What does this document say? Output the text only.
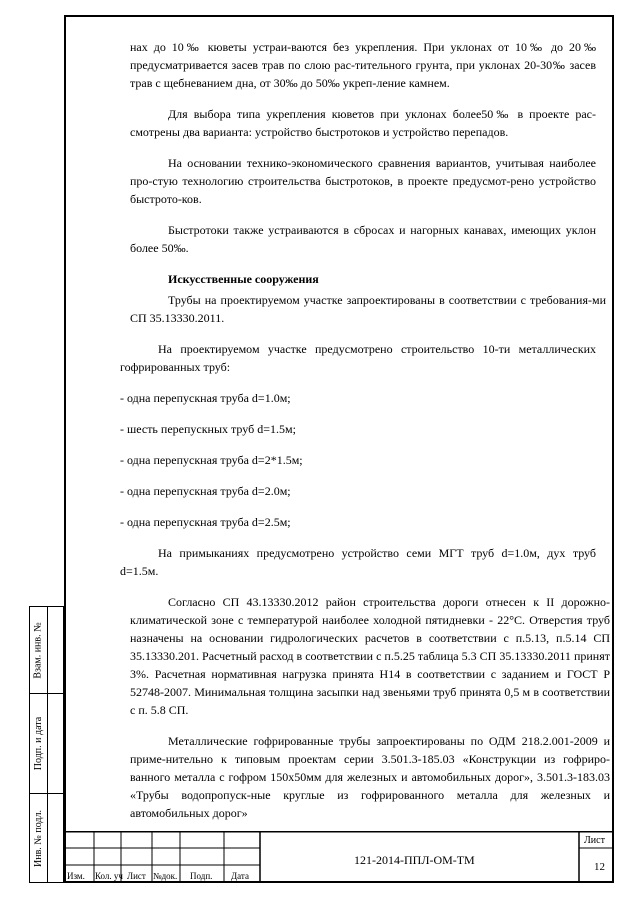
нах до 10‰ кюветы устраи-ваются без укрепления. При уклонах от 10‰ до 20‰ предусматривается засев трав по слою рас-тительного грунта, при уклонах 20-30‰ засев трав с щебневанием дна, от 30‰ до 50‰ укреп-ление камнем.

Для выбора типа укрепления кюветов при уклонах более50‰ в проекте рас-смотрены два варианта: устройство быстротоков и устройство перепадов.

На основании технико-экономического сравнения вариантов, учитывая наиболее про-стую технологию строительства быстротоков, в проекте предусмот-рено устройство быстрото-ков.

Быстротоки также устраиваются в сбросах и нагорных канавах, имеющих уклон более 50‰.

Искусственные сооружения

Трубы на проектируемом участке запроектированы в соответствии с требования-ми СП 35.13330.2011.

На проектируемом участке предусмотрено строительство 10-ти металлических гофрированных труб:

- одна перепускная труба d=1.0м;

- шесть перепускных труб d=1.5м;

- одна перепускная труба d=2*1.5м;

- одна перепускная труба d=2.0м;

- одна перепускная труба d=2.5м;

На примыканиях предусмотрено устройство семи МГТ труб d=1.0м, дух труб d=1.5м.

Согласно СП 43.13330.2012 район строительства дороги отнесен к II дорожно-климатической зоне с температурой наиболее холодной пятидневки - 22°С. Отверстия труб назначены на основании гидрологических расчетов в соответствии с п.5.13, п.5.14 СП 35.13330.201. Расчетный расход в соответствии с п.5.25 таблица 5.3 СП 35.13330.2011 принят 3%. Расчетная нормативная нагрузка принята Н14 в соответствии с заданием и ГОСТ Р 52748-2007. Минимальная толщина засыпки над звеньями труб принята 0,5 м в соответствии с п. 5.8 СП.

Металлические гофрированные трубы запроектированы по ОДМ 218.2.001-2009 и приме-нительно к типовым проектам серии 3.501.3-185.03 «Конструкции из гофриро-ванного металла с гофром 150х50мм для железных и автомобильных дорог», 3.501.3-183.03 «Трубы водопропуск-ные круглые из гофрированного металла для железных и автомобильных дорог»

Взам. инв. №
Подп. и дата
Инв. № подл.
Изм. Кол. уч Лист №док. Подп. Дата
121-2014-ППЛ-ОМ-ТМ
Лист
12
